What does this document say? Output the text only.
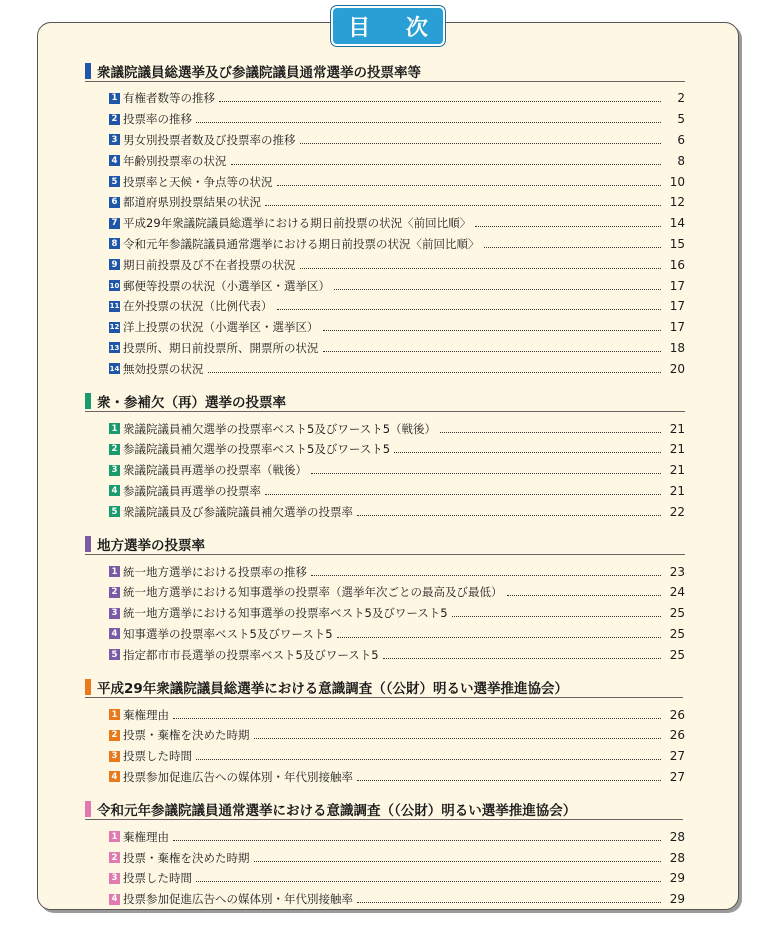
目 次
衆議院議員総選挙及び参議院議員通常選挙の投票率等
1 有権者数等の推移	2
2 投票率の推移	5
3 男女別投票者数及び投票率の推移	6
4 年齢別投票率の状況	8
5 投票率と天候・争点等の状況	10
6 都道府県別投票結果の状況	12
7 平成29年衆議院議員総選挙における期日前投票の状況〈前回比順〉	14
8 令和元年参議院議員通常選挙における期日前投票の状況〈前回比順〉	15
9 期日前投票及び不在者投票の状況	16
10 郵便等投票の状況（小選挙区・選挙区）	17
11 在外投票の状況（比例代表）	17
12 洋上投票の状況（小選挙区・選挙区）	17
13 投票所、期日前投票所、開票所の状況	18
14 無効投票の状況	20
衆・参補欠（再）選挙の投票率
1 衆議院議員補欠選挙の投票率ベスト5及びワースト5（戦後）	21
2 参議院議員補欠選挙の投票率ベスト5及びワースト5	21
3 衆議院議員再選挙の投票率（戦後）	21
4 参議院議員再選挙の投票率	21
5 衆議院議員及び参議院議員補欠選挙の投票率	22
地方選挙の投票率
1 統一地方選挙における投票率の推移	23
2 統一地方選挙における知事選挙の投票率（選挙年次ごとの最高及び最低）	24
3 統一地方選挙における知事選挙の投票率ベスト5及びワースト5	25
4 知事選挙の投票率ベスト5及びワースト5	25
5 指定都市市長選挙の投票率ベスト5及びワースト5	25
平成29年衆議院議員総選挙における意識調査（（公財）明るい選挙推進協会）
1 棄権理由	26
2 投票・棄権を決めた時期	26
3 投票した時間	27
4 投票参加促進広告への媒体別・年代別接触率	27
令和元年参議院議員通常選挙における意識調査（（公財）明るい選挙推進協会）
1 棄権理由	28
2 投票・棄権を決めた時期	28
3 投票した時間	29
4 投票参加促進広告への媒体別・年代別接触率	29
